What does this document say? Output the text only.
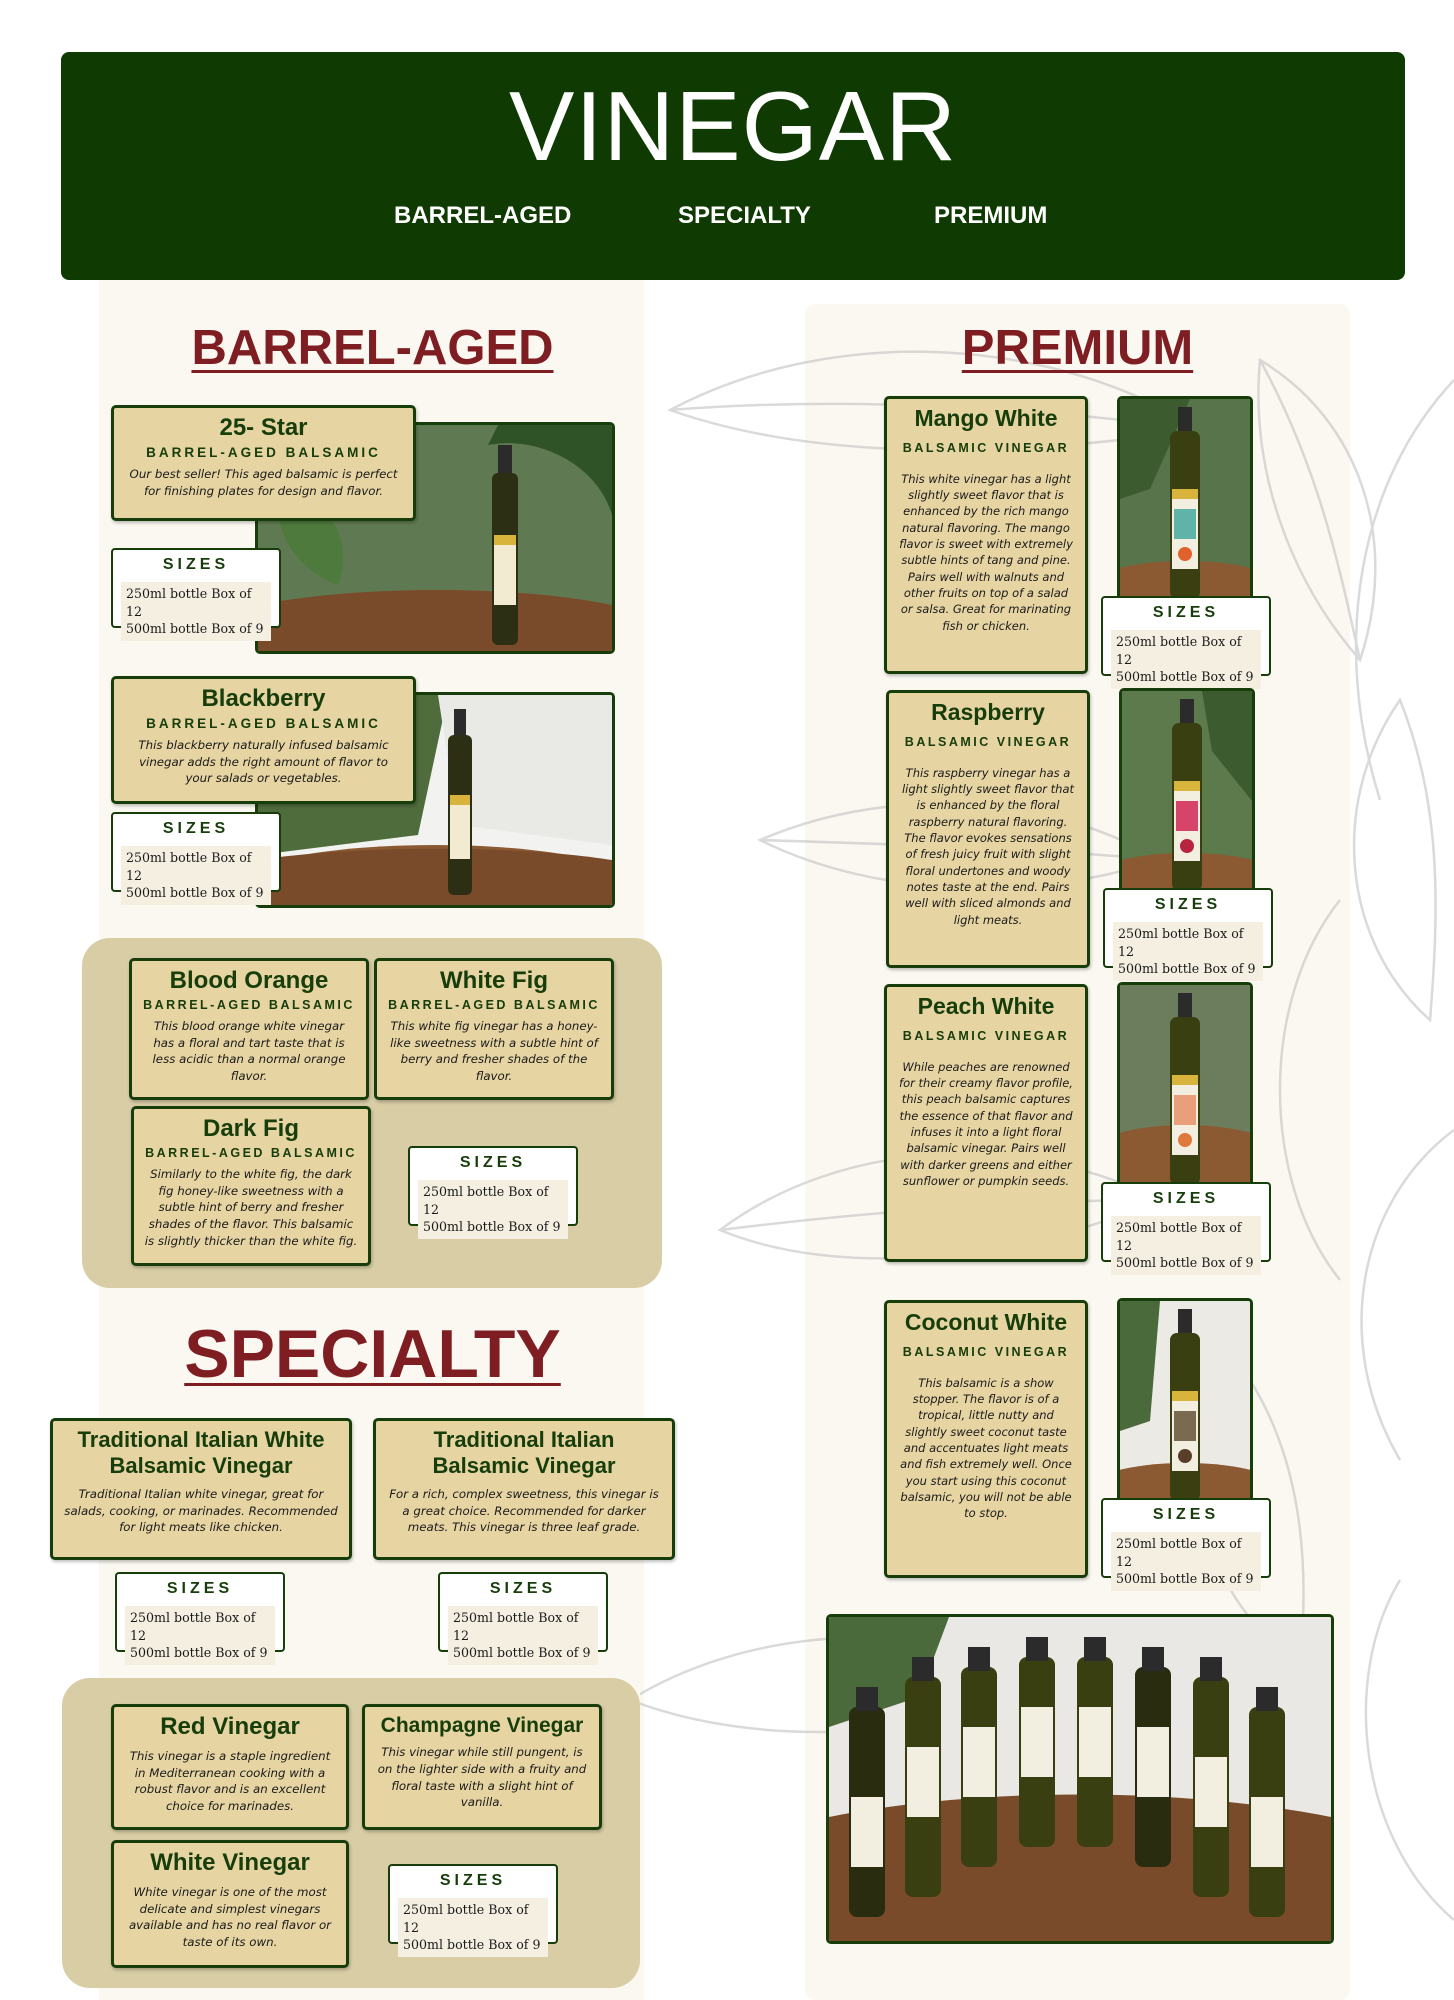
VINEGAR
BARREL-AGED	SPECIALTY	PREMIUM
BARREL-AGED
25- Star
BARREL-AGED BALSAMIC
Our best seller! This aged balsamic is perfect for finishing plates for design and flavor.
SIZES
250ml bottle Box of 12
500ml bottle Box of 9
Blackberry
BARREL-AGED BALSAMIC
This blackberry naturally infused balsamic vinegar adds the right amount of flavor to your salads or vegetables.
SIZES
250ml bottle Box of 12
500ml bottle Box of 9
Blood Orange
BARREL-AGED BALSAMIC
This blood orange white vinegar has a floral and tart taste that is less acidic than a normal orange flavor.
White Fig
BARREL-AGED BALSAMIC
This white fig vinegar has a honey-like sweetness with a subtle hint of berry and fresher shades of the flavor.
Dark Fig
BARREL-AGED BALSAMIC
Similarly to the white fig, the dark fig honey-like sweetness with a subtle hint of berry and fresher shades of the flavor. This balsamic is slightly thicker than the white fig.
SIZES
250ml bottle Box of 12
500ml bottle Box of 9
SPECIALTY
Traditional Italian White Balsamic Vinegar
Traditional Italian white vinegar, great for salads, cooking, or marinades. Recommended for light meats like chicken.
Traditional Italian Balsamic Vinegar
For a rich, complex sweetness, this vinegar is a great choice. Recommended for darker meats. This vinegar is three leaf grade.
SIZES
250ml bottle Box of 12
500ml bottle Box of 9
SIZES
250ml bottle Box of 12
500ml bottle Box of 9
Red Vinegar
This vinegar is a staple ingredient in Mediterranean cooking with a robust flavor and is an excellent choice for marinades.
Champagne Vinegar
This vinegar while still pungent, is on the lighter side with a fruity and floral taste with a slight hint of vanilla.
White Vinegar
White vinegar is one of the most delicate and simplest vinegars available and has no real flavor or taste of its own.
SIZES
250ml bottle Box of 12
500ml bottle Box of 9
PREMIUM
Mango White
BALSAMIC VINEGAR
This white vinegar has a light slightly sweet flavor that is enhanced by the rich mango natural flavoring. The mango flavor is sweet with extremely subtle hints of tang and pine. Pairs well with walnuts and other fruits on top of a salad or salsa. Great for marinating fish or chicken.
SIZES
250ml bottle Box of 12
500ml bottle Box of 9
Raspberry
BALSAMIC VINEGAR
This raspberry vinegar has a light slightly sweet flavor that is enhanced by the floral raspberry natural flavoring. The flavor evokes sensations of fresh juicy fruit with slight floral undertones and woody notes taste at the end. Pairs well with sliced almonds and light meats.
SIZES
250ml bottle Box of 12
500ml bottle Box of 9
Peach White
BALSAMIC VINEGAR
While peaches are renowned for their creamy flavor profile, this peach balsamic captures the essence of that flavor and infuses it into a light floral balsamic vinegar. Pairs well with darker greens and either sunflower or pumpkin seeds.
SIZES
250ml bottle Box of 12
500ml bottle Box of 9
Coconut White
BALSAMIC VINEGAR
This balsamic is a show stopper. The flavor is of a tropical, little nutty and slightly sweet coconut taste and accentuates light meats and fish extremely well. Once you start using this coconut balsamic, you will not be able to stop.	SIZES
250ml bottle Box of 12
500ml bottle Box of 9
